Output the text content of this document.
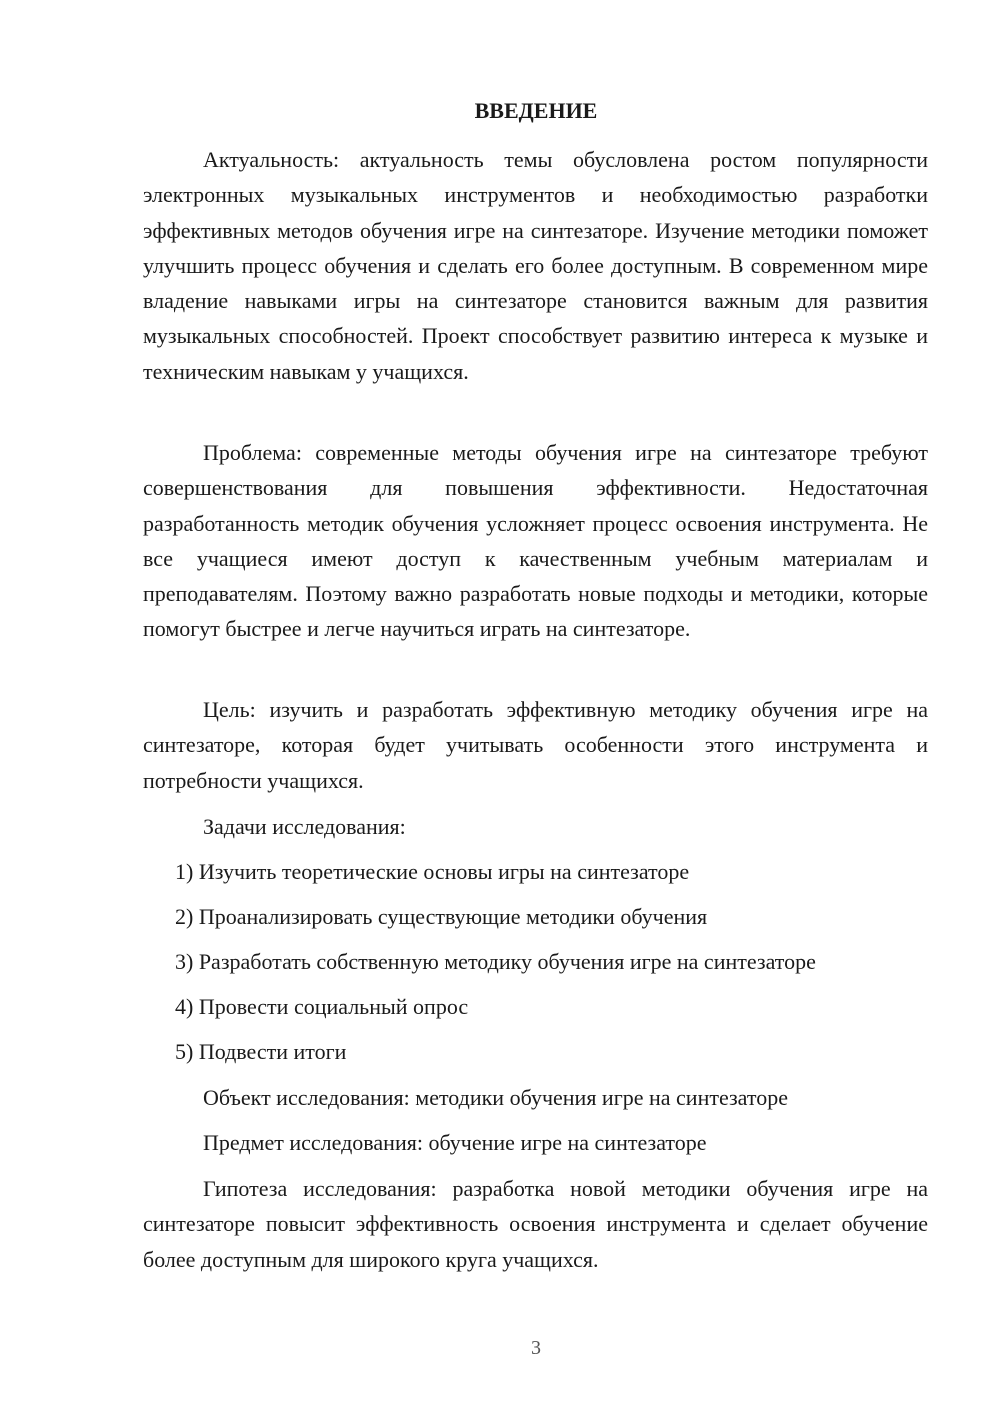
ВВЕДЕНИЕ

Актуальность: актуальность темы обусловлена ростом популярности электронных музыкальных инструментов и необходимостью разработки эффективных методов обучения игре на синтезаторе. Изучение методики поможет улучшить процесс обучения и сделать его более доступным. В современном мире владение навыками игры на синтезаторе становится важным для развития музыкальных способностей. Проект способствует развитию интереса к музыке и техническим навыкам у учащихся.

Проблема: современные методы обучения игре на синтезаторе требуют совершенствования для повышения эффективности. Недостаточная разработанность методик обучения усложняет процесс освоения инструмента. Не все учащиеся имеют доступ к качественным учебным материалам и преподавателям. Поэтому важно разработать новые подходы и методики, которые помогут быстрее и легче научиться играть на синтезаторе.

Цель: изучить и разработать эффективную методику обучения игре на синтезаторе, которая будет учитывать особенности этого инструмента и потребности учащихся.

Задачи исследования:
1) Изучить теоретические основы игры на синтезаторе
2) Проанализировать существующие методики обучения
3) Разработать собственную методику обучения игре на синтезаторе
4) Провести социальный опрос
5) Подвести итоги
Объект исследования: методики обучения игре на синтезаторе
Предмет исследования: обучение игре на синтезаторе

Гипотеза исследования: разработка новой методики обучения игре на синтезаторе повысит эффективность освоения инструмента и сделает обучение более доступным для широкого круга учащихся.

3
